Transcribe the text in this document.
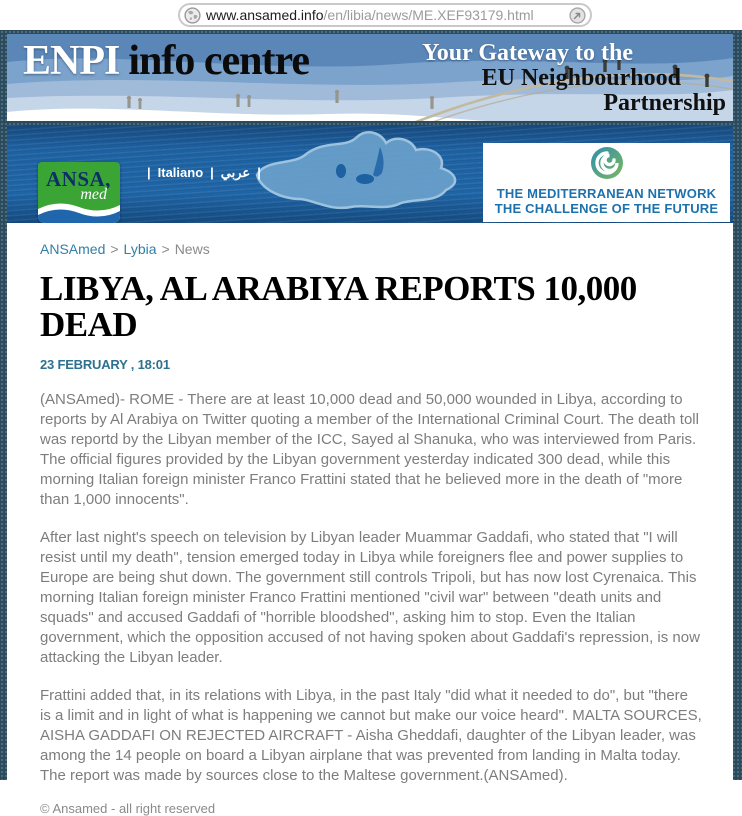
www.ansamed.info/en/libia/news/ME.XEF93179.html
ENPI info centre	Your Gateway to the
EU Neighbourhood
Partnership
ANSA,
med
| Italiano | عربي |
THE MEDITERRANEAN NETWORK
THE CHALLENGE OF THE FUTURE
ANSAmed > Lybia > News
LIBYA, AL ARABIYA REPORTS 10,000 DEAD
23 FEBRUARY , 18:01

(ANSAmed)- ROME - There are at least 10,000 dead and 50,000 wounded in Libya, according to reports by Al Arabiya on Twitter quoting a member of the International Criminal Court. The death toll was reportd by the Libyan member of the ICC, Sayed al Shanuka, who was interviewed from Paris. The official figures provided by the Libyan government yesterday indicated 300 dead, while this morning Italian foreign minister Franco Frattini stated that he believed more in the death of "more than 1,000 innocents".

After last night's speech on television by Libyan leader Muammar Gaddafi, who stated that "I will resist until my death", tension emerged today in Libya while foreigners flee and power supplies to Europe are being shut down. The government still controls Tripoli, but has now lost Cyrenaica. This morning Italian foreign minister Franco Frattini mentioned "civil war" between "death units and squads" and accused Gaddafi of "horrible bloodshed", asking him to stop. Even the Italian government, which the opposition accused of not having spoken about Gaddafi's repression, is now attacking the Libyan leader.

Frattini added that, in its relations with Libya, in the past Italy "did what it needed to do", but "there is a limit and in light of what is happening we cannot but make our voice heard". MALTA SOURCES, AISHA GADDAFI ON REJECTED AIRCRAFT - Aisha Gheddafi, daughter of the Libyan leader, was among the 14 people on board a Libyan airplane that was prevented from landing in Malta today. The report was made by sources close to the Maltese government.(ANSAmed).

© Ansamed - all right reserved
